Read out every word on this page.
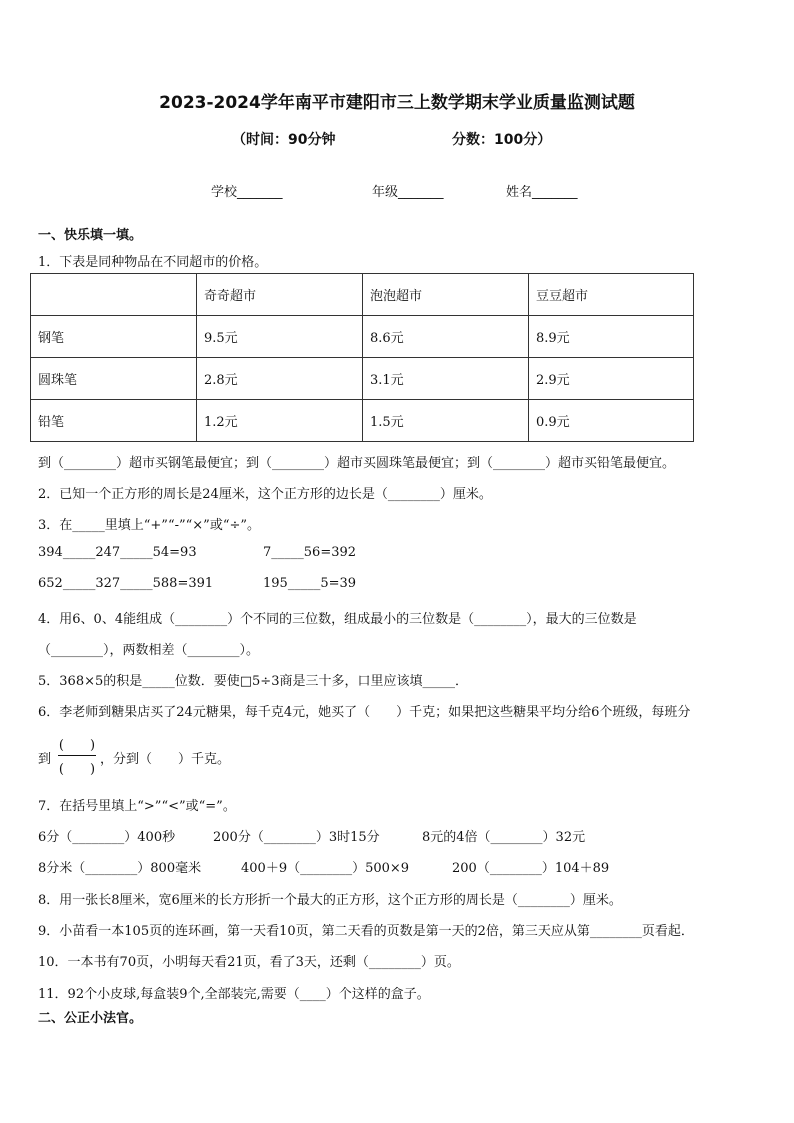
2023-2024学年南平市建阳市三上数学期末学业质量监测试题
（时间：90分钟	分数：100分）
学校_______	年级_______	姓名_______
一、快乐填一填。
1．下表是同种物品在不同超市的价格。
	奇奇超市	泡泡超市	豆豆超市
钢笔	9.5元	8.6元	8.9元
圆珠笔	2.8元	3.1元	2.9元
铅笔	1.2元	1.5元	0.9元
到（________）超市买钢笔最便宜；到（________）超市买圆珠笔最便宜；到（________）超市买铅笔最便宜。
2．已知一个正方形的周长是24厘米，这个正方形的边长是（________）厘米。
3．在_____里填上“+”“-”“×”或“÷”。
394_____247_____54=93	7_____56=392
652_____327_____588=391	195_____5=39
4．用6、0、4能组成（________）个不同的三位数，组成最小的三位数是（________），最大的三位数是
（________），两数相差（________）。
5．368×5的积是_____位数．要使□5÷3商是三十多，口里应该填_____．
6．李老师到糖果店买了24元糖果，每千克4元，她买了（　　）千克；如果把这些糖果平均分给6个班级，每班分
到
(　　)
(　　)
，分到（　　）千克。
7．在括号里填上“>”“<”或“=”。
6分（________）400秒	200分（________）3时15分	8元的4倍（________）32元
8分米（________）800毫米	400＋9（________）500×9	200（________）104＋89
8．用一张长8厘米，宽6厘米的长方形折一个最大的正方形，这个正方形的周长是（________）厘米。
9．小苗看一本105页的连环画，第一天看10页，第二天看的页数是第一天的2倍，第三天应从第________页看起．
10．一本书有70页，小明每天看21页，看了3天，还剩（________）页。
11．92个小皮球,每盒装9个,全部装完,需要（____）个这样的盒子。
二、公正小法官。
